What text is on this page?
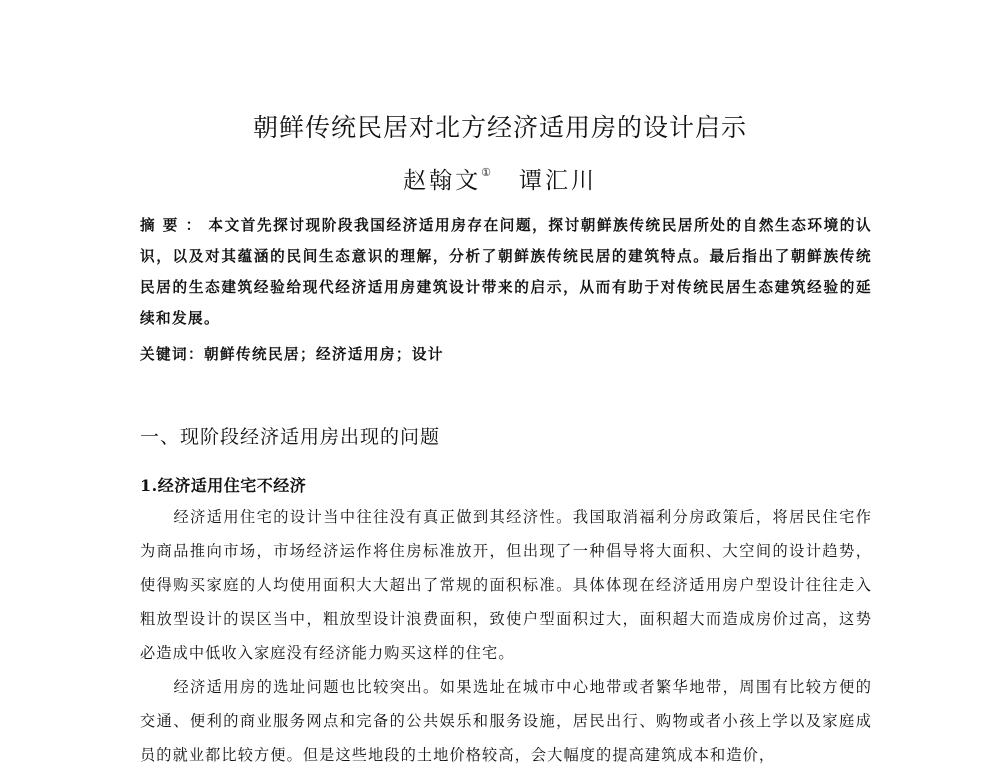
朝鲜传统民居对北方经济适用房的设计启示
赵翰文① 谭汇川
摘要：本文首先探讨现阶段我国经济适用房存在问题，探讨朝鲜族传统民居所处的自然生态环境的认识，以及对其蕴涵的民间生态意识的理解，分析了朝鲜族传统民居的建筑特点。最后指出了朝鲜族传统民居的生态建筑经验给现代经济适用房建筑设计带来的启示，从而有助于对传统民居生态建筑经验的延续和发展。
关键词：朝鲜传统民居；经济适用房；设计
一、现阶段经济适用房出现的问题
1.经济适用住宅不经济

经济适用住宅的设计当中往往没有真正做到其经济性。我国取消福利分房政策后，将居民住宅作为商品推向市场，市场经济运作将住房标准放开，但出现了一种倡导将大面积、大空间的设计趋势，使得购买家庭的人均使用面积大大超出了常规的面积标准。具体体现在经济适用房户型设计往往走入粗放型设计的误区当中，粗放型设计浪费面积，致使户型面积过大，面积超大而造成房价过高，这势必造成中低收入家庭没有经济能力购买这样的住宅。

经济适用房的选址问题也比较突出。如果选址在城市中心地带或者繁华地带，周围有比较方便的交通、便利的商业服务网点和完备的公共娱乐和服务设施，居民出行、购物或者小孩上学以及家庭成员的就业都比较方便。但是这些地段的土地价格较高，会大幅度的提高建筑成本和造价，
